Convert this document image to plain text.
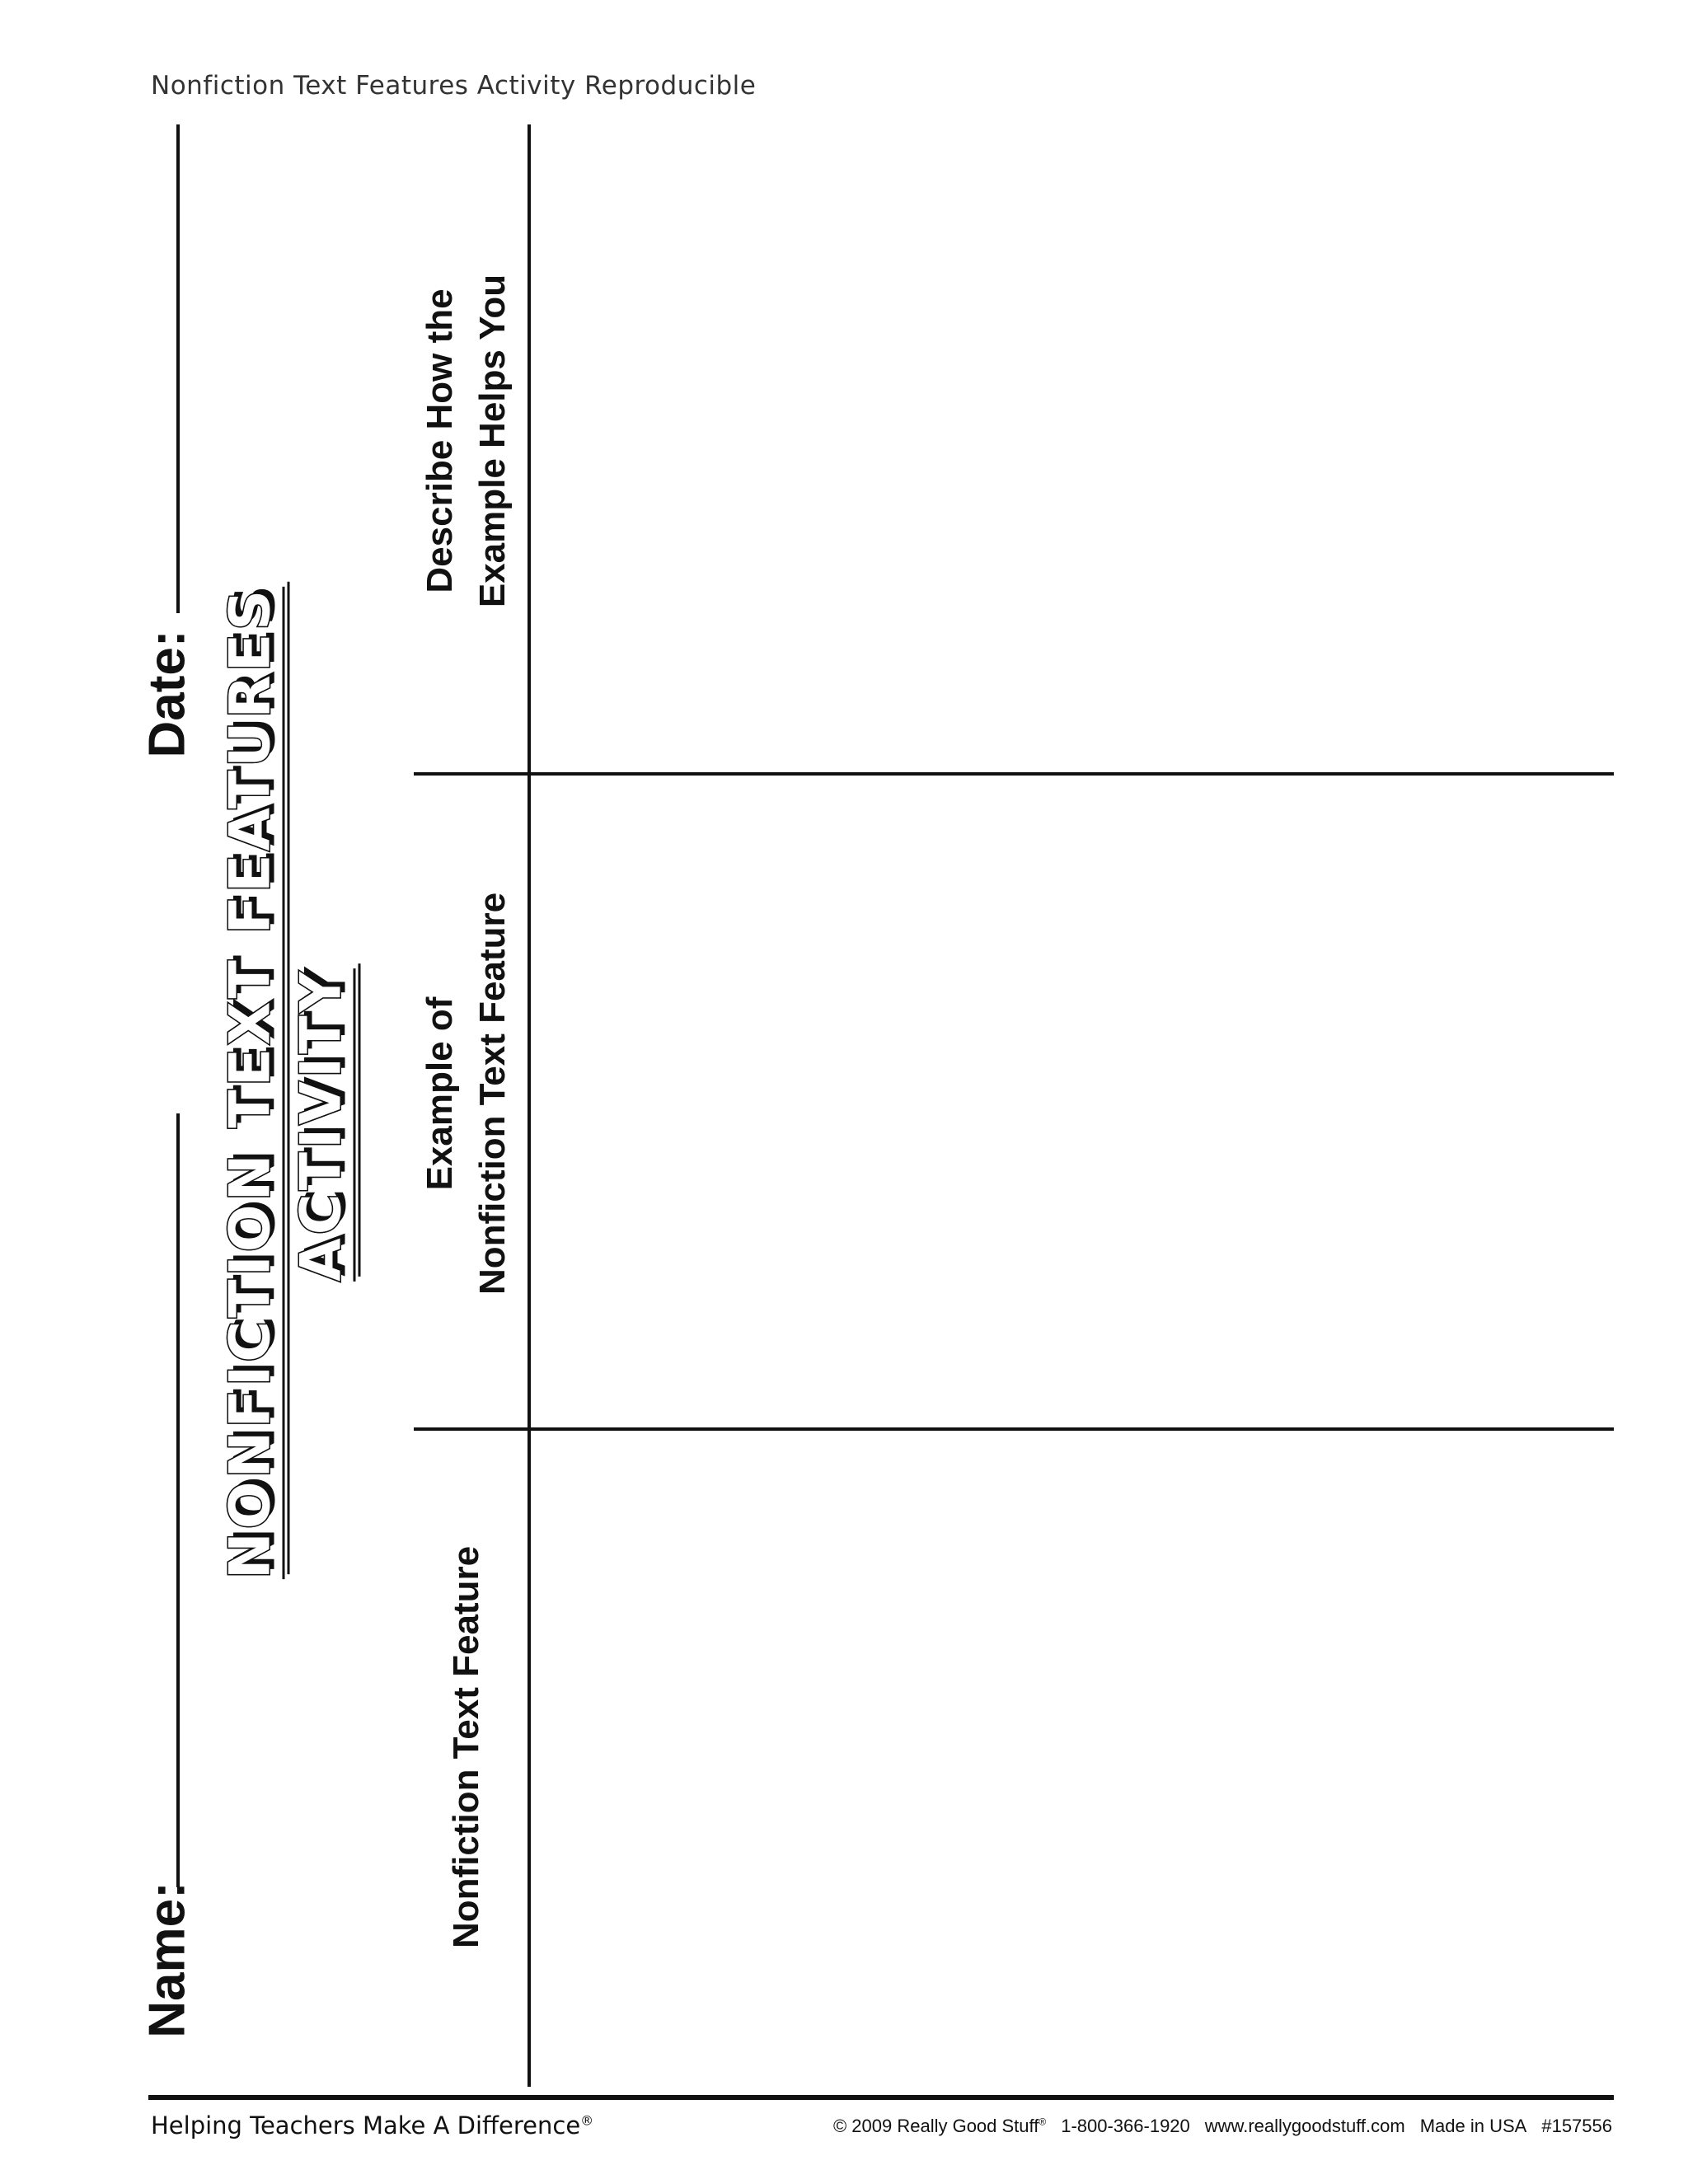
Nonfiction Text Features Activity Reproducible
Name:
Date: NONFICTION TEXT FEATURES ACTIVITY
Nonfiction Text Feature
Example of Nonfiction Text Feature
Describe How the Example Helps You
Helping Teachers Make A Difference®	© 2009 Really Good Stuff® 1-800-366-1920 www.reallygoodstuff.com Made in USA #157556
